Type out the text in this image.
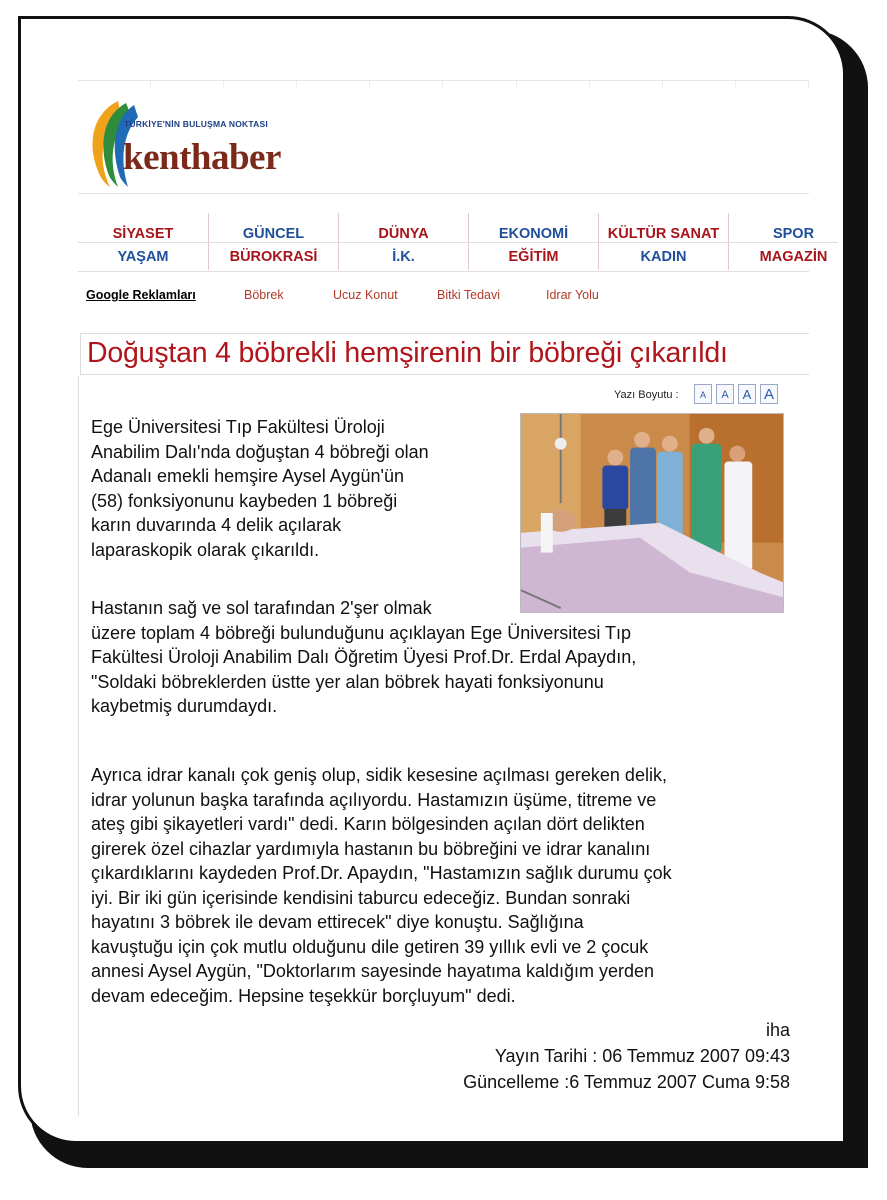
TÜRKİYE'NİN BULUŞMA NOKTASI
kenthaber
SİYASET	GÜNCEL	DÜNYA	EKONOMİ	KÜLTÜR SANAT	SPOR
YAŞAM	BÜROKRASİ	İ.K.	EĞİTİM	KADIN	MAGAZİN
Google Reklamları	Böbrek	Ucuz Konut	Bitki Tedavi	Idrar Yolu
Doğuştan 4 böbrekli hemşirenin bir böbreği çıkarıldı
Yazı Boyutu :	A	A	A A
Ege Üniversitesi Tıp Fakültesi Üroloji
Anabilim Dalı'nda doğuştan 4 böbreği olan
Adanalı emekli hemşire Aysel Aygün'ün
(58) fonksiyonunu kaybeden 1 böbreği
karın duvarında 4 delik açılarak
laparaskopik olarak çıkarıldı.
Hastanın sağ ve sol tarafından 2'şer olmak
üzere toplam 4 böbreği bulunduğunu açıklayan Ege Üniversitesi Tıp
Fakültesi Üroloji Anabilim Dalı Öğretim Üyesi Prof.Dr. Erdal Apaydın,
"Soldaki böbreklerden üstte yer alan böbrek hayati fonksiyonunu
kaybetmiş durumdaydı.
Ayrıca idrar kanalı çok geniş olup, sidik kesesine açılması gereken delik,
idrar yolunun başka tarafında açılıyordu. Hastamızın üşüme, titreme ve
ateş gibi şikayetleri vardı" dedi. Karın bölgesinden açılan dört delikten
girerek özel cihazlar yardımıyla hastanın bu böbreğini ve idrar kanalını
çıkardıklarını kaydeden Prof.Dr. Apaydın, "Hastamızın sağlık durumu çok
iyi. Bir iki gün içerisinde kendisini taburcu edeceğiz. Bundan sonraki
hayatını 3 böbrek ile devam ettirecek" diye konuştu. Sağlığına
kavuştuğu için çok mutlu olduğunu dile getiren 39 yıllık evli ve 2 çocuk
annesi Aysel Aygün, "Doktorlarım sayesinde hayatıma kaldığım yerden
devam edeceğim. Hepsine teşekkür borçluyum" dedi.
iha
Yayın Tarihi : 06 Temmuz 2007 09:43
Güncelleme :6 Temmuz 2007 Cuma 9:58
